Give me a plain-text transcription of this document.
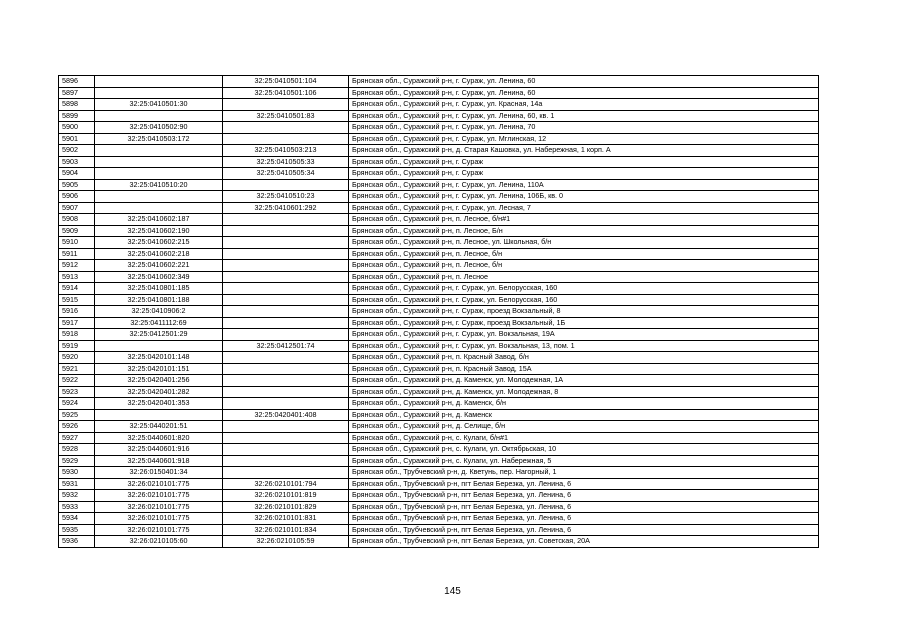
5896		32:25:0410501:104	Брянская обл., Суражский р-н, г. Сураж, ул. Ленина, 60
5897		32:25:0410501:106	Брянская обл., Суражский р-н, г. Сураж, ул. Ленина, 60
5898	32:25:0410501:30		Брянская обл., Суражский р-н, г. Сураж, ул. Красная, 14а
5899		32:25:0410501:83	Брянская обл., Суражский р-н, г. Сураж, ул. Ленина, 60, кв. 1
5900	32:25:0410502:90		Брянская обл., Суражский р-н, г. Сураж, ул. Ленина, 70
5901	32:25:0410503:172		Брянская обл., Суражский р-н, г. Сураж, ул. Мглинская, 12
5902		32:25:0410503:213	Брянская обл., Суражский р-н, д. Старая Кашовка, ул. Набережная, 1 корп. А
5903		32:25:0410505:33	Брянская обл., Суражский р-н, г. Сураж
5904		32:25:0410505:34	Брянская обл., Суражский р-н, г. Сураж
5905	32:25:0410510:20		Брянская обл., Суражский р-н, г. Сураж, ул. Ленина, 110А
5906		32:25:0410510:23	Брянская обл., Суражский р-н, г. Сураж, ул. Ленина, 106Б, кв. 0
5907		32:25:0410601:292	Брянская обл., Суражский р-н, г. Сураж, ул. Лесная, 7
5908	32:25:0410602:187		Брянская обл., Суражский р-н, п. Лесное, б/н#1
5909	32:25:0410602:190		Брянская обл., Суражский р-н, п. Лесное, Б/н
5910	32:25:0410602:215		Брянская обл., Суражский р-н, п. Лесное, ул. Школьная, б/н
5911	32:25:0410602:218		Брянская обл., Суражский р-н, п. Лесное, б/н
5912	32:25:0410602:221		Брянская обл., Суражский р-н, п. Лесное, б/н
5913	32:25:0410602:349		Брянская обл., Суражский р-н, п. Лесное
5914	32:25:0410801:185		Брянская обл., Суражский р-н, г. Сураж, ул. Белорусская, 160
5915	32:25:0410801:188		Брянская обл., Суражский р-н, г. Сураж, ул. Белорусская, 160
5916	32:25:0410906:2		Брянская обл., Суражский р-н, г. Сураж, проезд Вокзальный, 8
5917	32:25:0411112:69		Брянская обл., Суражский р-н, г. Сураж, проезд Вокзальный, 1Б
5918	32:25:0412501:29		Брянская обл., Суражский р-н, г. Сураж, ул. Вокзальная, 19А
5919		32:25:0412501:74	Брянская обл., Суражский р-н, г. Сураж, ул. Вокзальная, 13, пом. 1
5920	32:25:0420101:148		Брянская обл., Суражский р-н, п. Красный Завод, б/н
5921	32:25:0420101:151		Брянская обл., Суражский р-н, п. Красный Завод, 15А
5922	32:25:0420401:256		Брянская обл., Суражский р-н, д. Каменск, ул. Молодежная, 1А
5923	32:25:0420401:282		Брянская обл., Суражский р-н, д. Каменск, ул. Молодежная, 8
5924	32:25:0420401:353		Брянская обл., Суражский р-н, д. Каменск, б/н
5925		32:25:0420401:408	Брянская обл., Суражский р-н, д. Каменск
5926	32:25:0440201:51		Брянская обл., Суражский р-н, д. Селище, б/н
5927	32:25:0440601:820		Брянская обл., Суражский р-н, с. Кулаги, б/н#1
5928	32:25:0440601:916		Брянская обл., Суражский р-н, с. Кулаги, ул. Октябрьская, 10
5929	32:25:0440601:918		Брянская обл., Суражский р-н, с. Кулаги, ул. Набережная, 5
5930	32:26:0150401:34		Брянская обл., Трубчевский р-н, д. Кветунь, пер. Нагорный, 1
5931	32:26:0210101:775	32:26:0210101:794	Брянская обл., Трубчевский р-н, пгт Белая Березка, ул. Ленина, 6
5932	32:26:0210101:775	32:26:0210101:819	Брянская обл., Трубчевский р-н, пгт Белая Березка, ул. Ленина, 6
5933	32:26:0210101:775	32:26:0210101:829	Брянская обл., Трубчевский р-н, пгт Белая Березка, ул. Ленина, 6
5934	32:26:0210101:775	32:26:0210101:831	Брянская обл., Трубчевский р-н, пгт Белая Березка, ул. Ленина, 6
5935	32:26:0210101:775	32:26:0210101:834	Брянская обл., Трубчевский р-н, пгт Белая Березка, ул. Ленина, 6
5936	32:26:0210105:60	32:26:0210105:59	Брянская обл., Трубчевский р-н, пгт Белая Березка, ул. Советская, 20А
145
